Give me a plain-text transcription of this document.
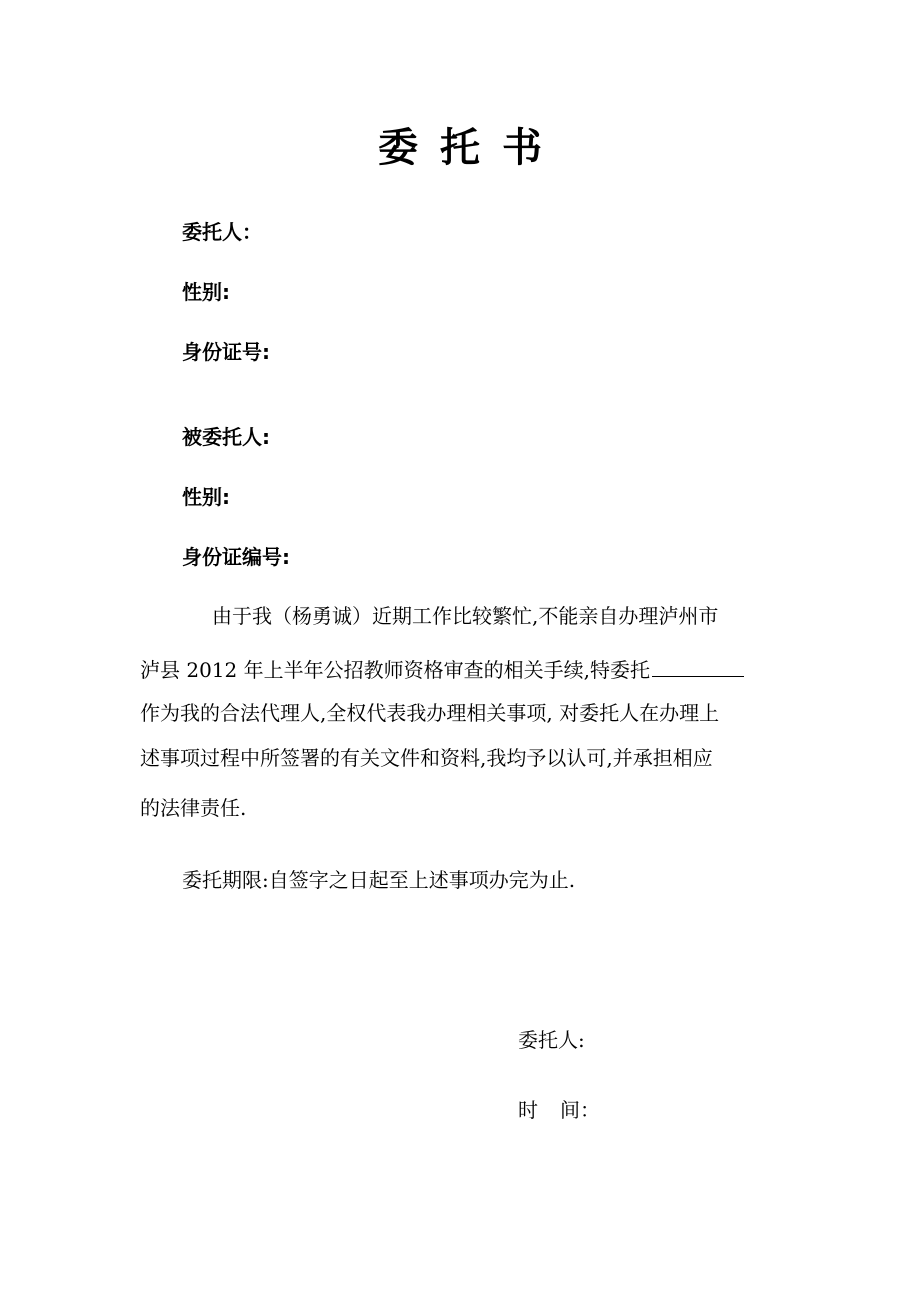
委托书
委托人：
性别:
身份证号:
被委托人:
性别:
身份证编号:
由于我（杨勇诚）近期工作比较繁忙,不能亲自办理泸州市
泸县 2012 年上半年公招教师资格审查的相关手续,特委托
作为我的合法代理人,全权代表我办理相关事项, 对委托人在办理上
述事项过程中所签署的有关文件和资料,我均予以认可,并承担相应
的法律责任.
委托期限:自签字之日起至上述事项办完为止.
委托人:
时间：
